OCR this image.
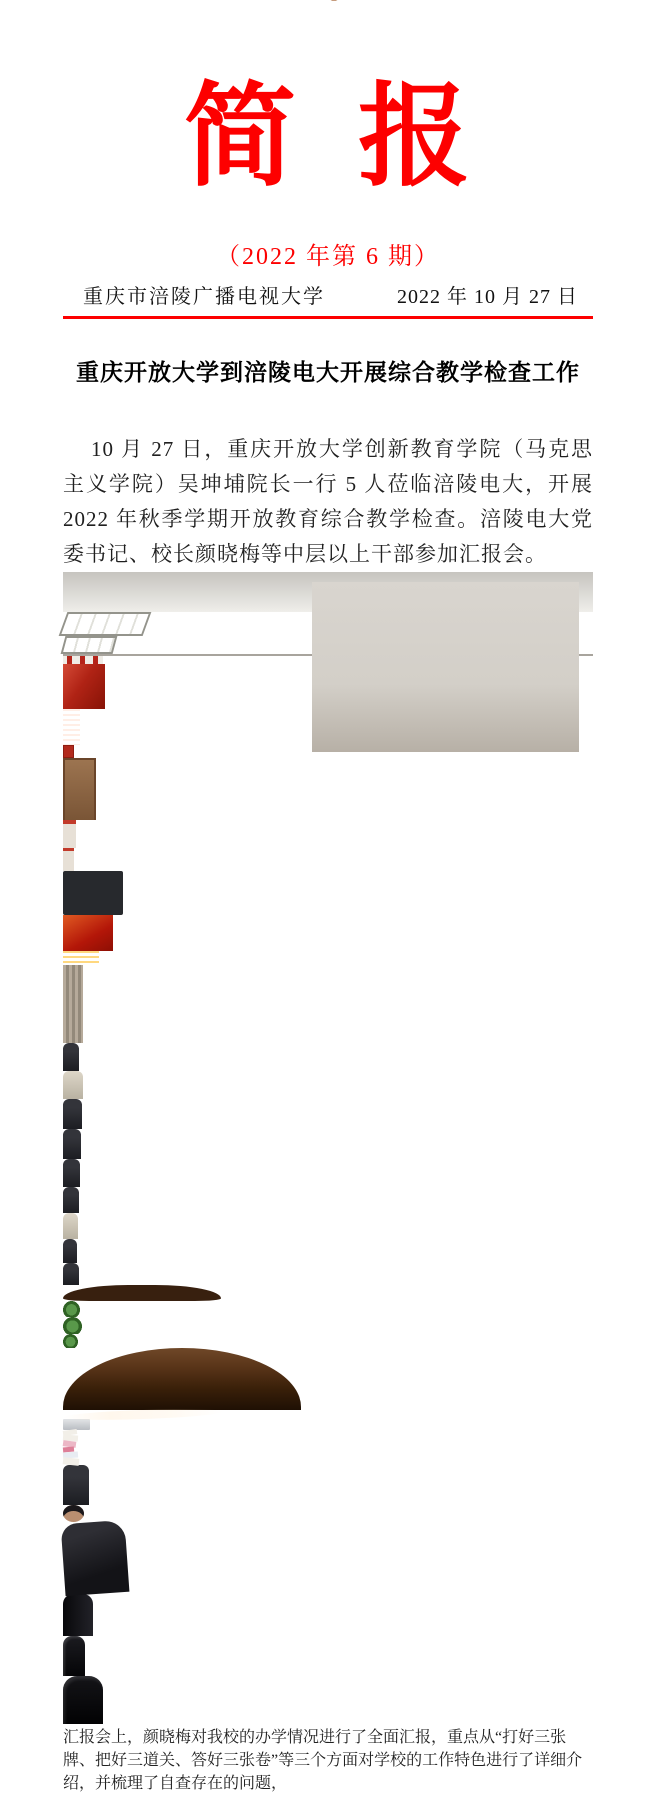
简 报
（2022 年第 6 期）
重庆市涪陵广播电视大学	2022 年 10 月 27 日
重庆开放大学到涪陵电大开展综合教学检查工作

10 月 27 日，重庆开放大学创新教育学院（马克思主义学院）吴坤埔院长一行 5 人莅临涪陵电大，开展 2022 年秋季学期开放教育综合教学检查。涪陵电大党委书记、校长颜晓梅等中层以上干部参加汇报会。

汇报会上，颜晓梅对我校的办学情况进行了全面汇报，重点从“打好三张牌、把好三道关、答好三张卷”等三个方面对学校的工作特色进行了详细介绍，并梳理了自查存在的问题，
